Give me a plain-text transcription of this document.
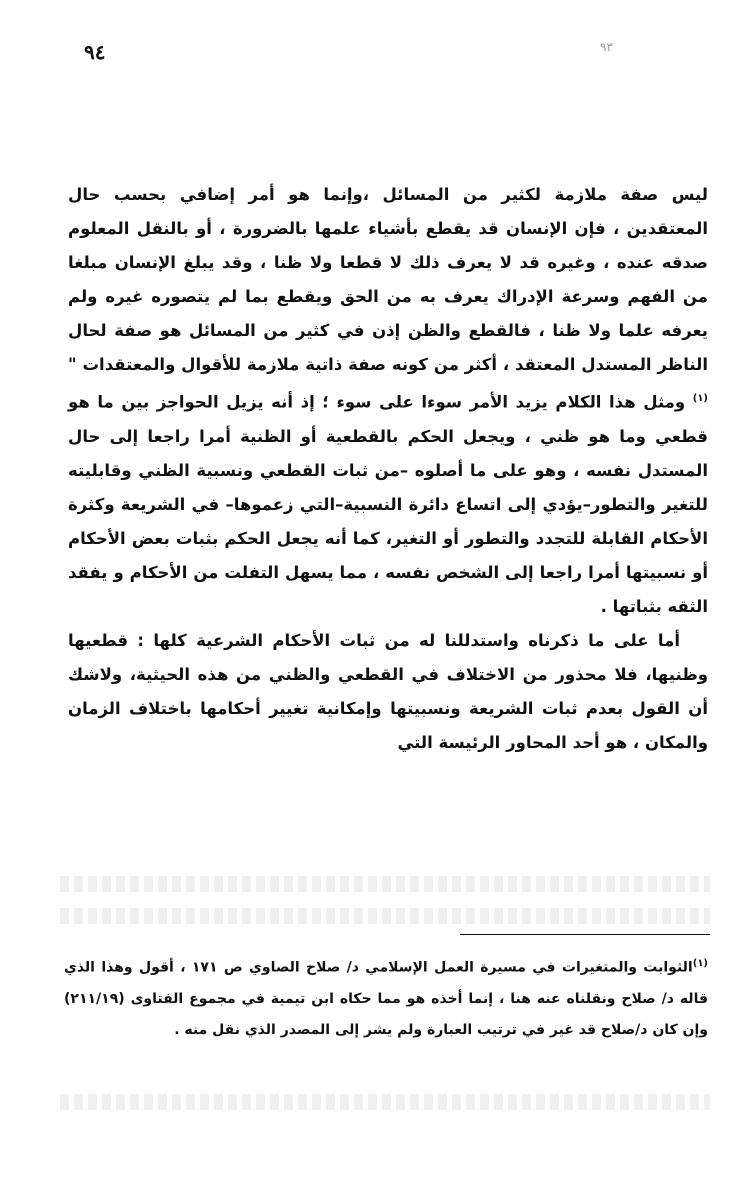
٩٤	٩٣

ليس صفة ملازمة لكثير من المسائل ،وإنما هو أمر إضافي بحسب حال المعتقدين ، فإن الإنسان قد يقطع بأشياء علمها بالضرورة ، أو بالنقل المعلوم صدقه عنده ، وغيره قد لا يعرف ذلك لا قطعا ولا ظنا ، وقد يبلغ الإنسان مبلغا من الفهم وسرعة الإدراك يعرف به من الحق ويقطع بما لم يتصوره غيره ولم يعرفه علما ولا ظنا ، فالقطع والظن إذن في كثير من المسائل هو صفة لحال الناظر المستدل المعتقد ، أكثر من كونه صفة ذاتية ملازمة للأقوال والمعتقدات "$^{(١)}$ ومثل هذا الكلام يزيد الأمر سوءا على سوء ؛ إذ أنه يزيل الحواجز بين ما هو قطعي وما هو ظني ، ويجعل الحكم بالقطعية أو الظنية أمرا راجعا إلى حال المستدل نفسه ، وهو على ما أصلوه –من ثبات القطعي ونسبية الظني وقابليته للتغير والتطور–يؤدي إلى اتساع دائرة النسبية–التي زعموها– في الشريعة وكثرة الأحكام القابلة للتجدد والتطور أو التغير، كما أنه يجعل الحكم بثبات بعض الأحكام أو نسبيتها أمرا راجعا إلى الشخص نفسه ، مما يسهل التفلت من الأحكام و يفقد الثقه بثباتها .

أما على ما ذكرناه واستدللنا له من ثبات الأحكام الشرعية كلها : قطعيها وظنيها، فلا محذور من الاختلاف في القطعي والظني من هذه الحيثية، ولاشك أن القول بعدم ثبات الشريعة ونسبيتها وإمكانية تغيير أحكامها باختلاف الزمان والمكان ، هو أحد المحاور الرئيسة التي

$^{(١)}$الثوابت والمتغيرات في مسيرة العمل الإسلامي د/ صلاح الصاوي ص ١٧١ ، أقول وهذا الذي قاله د/ صلاح ونقلناه عنه هنا ، إنما أخذه هو مما حكاه ابن تيمية في مجموع الفتاوى (٢١١/١٩) وإن كان د/صلاح قد غير في ترتيب العبارة ولم يشر إلى المصدر الذي نقل منه .
